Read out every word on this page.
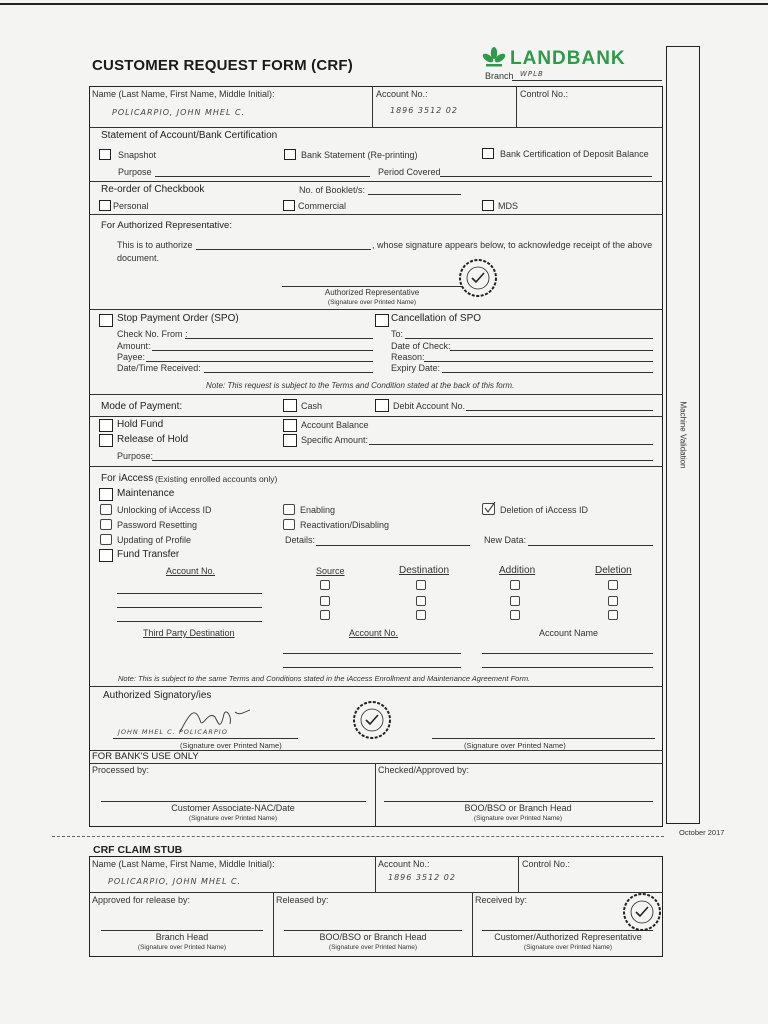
Machine Validation
October 2017
CUSTOMER REQUEST FORM (CRF)	LANDBANK
Branch WPLB
Name (Last Name, First Name, Middle Initial):
POLICARPIO, JOHN MHEL C.
Account No.:
1896 3512 02
Control No.:
Statement of Account/Bank Certification
Snapshot	Bank Statement (Re-printing)	Bank Certification of Deposit Balance
Purpose	Period Covered
Re-order of Checkbook	No. of Booklet/s:
Personal	Commercial	MDS
For Authorized Representative:
This is to authorize	, whose signature appears below, to acknowledge receipt of the above
document.
Authorized Representative
(Signature over Printed Name)
Stop Payment Order (SPO)	Cancellation of SPO
Check No. From :
Amount:
Payee:
Date/Time Received:
To:
Date of Check:
Reason:
Expiry Date:
Note: This request is subject to the Terms and Condition stated at the back of this form.
Mode of Payment:	Cash	Debit Account No.
Hold Fund
Release of Hold
Account Balance
Specific Amount:
Purpose:
For iAccess (Existing enrolled accounts only)
Maintenance
Unlocking of iAccess ID
Password Resetting
Updating of Profile
Enabling
Reactivation/Disabling
Details:
Deletion of iAccess ID
New Data:
Fund Transfer
Account No.	Source	Destination	Addition	Deletion
Third Party Destination	Account No.	Account Name
Note: This is subject to the same Terms and Conditions stated in the iAccess Enrollment and Maintenance Agreement Form.
Authorized Signatory/ies
JOHN MHEL C. POLICARPIO
(Signature over Printed Name)	(Signature over Printed Name)
FOR BANK'S USE ONLY
Processed by:	Checked/Approved by:
Customer Associate-NAC/Date	BOO/BSO or Branch Head
(Signature over Printed Name)	(Signature over Printed Name)
CRF CLAIM STUB
Name (Last Name, First Name, Middle Initial):
POLICARPIO, JOHN MHEL C.
Account No.:
1896 3512 02
Control No.:
Approved for release by:	Released by:	Received by:
Branch Head	BOO/BSO or Branch Head	Customer/Authorized Representative
(Signature over Printed Name)	(Signature over Printed Name)	(Signature over Printed Name)
